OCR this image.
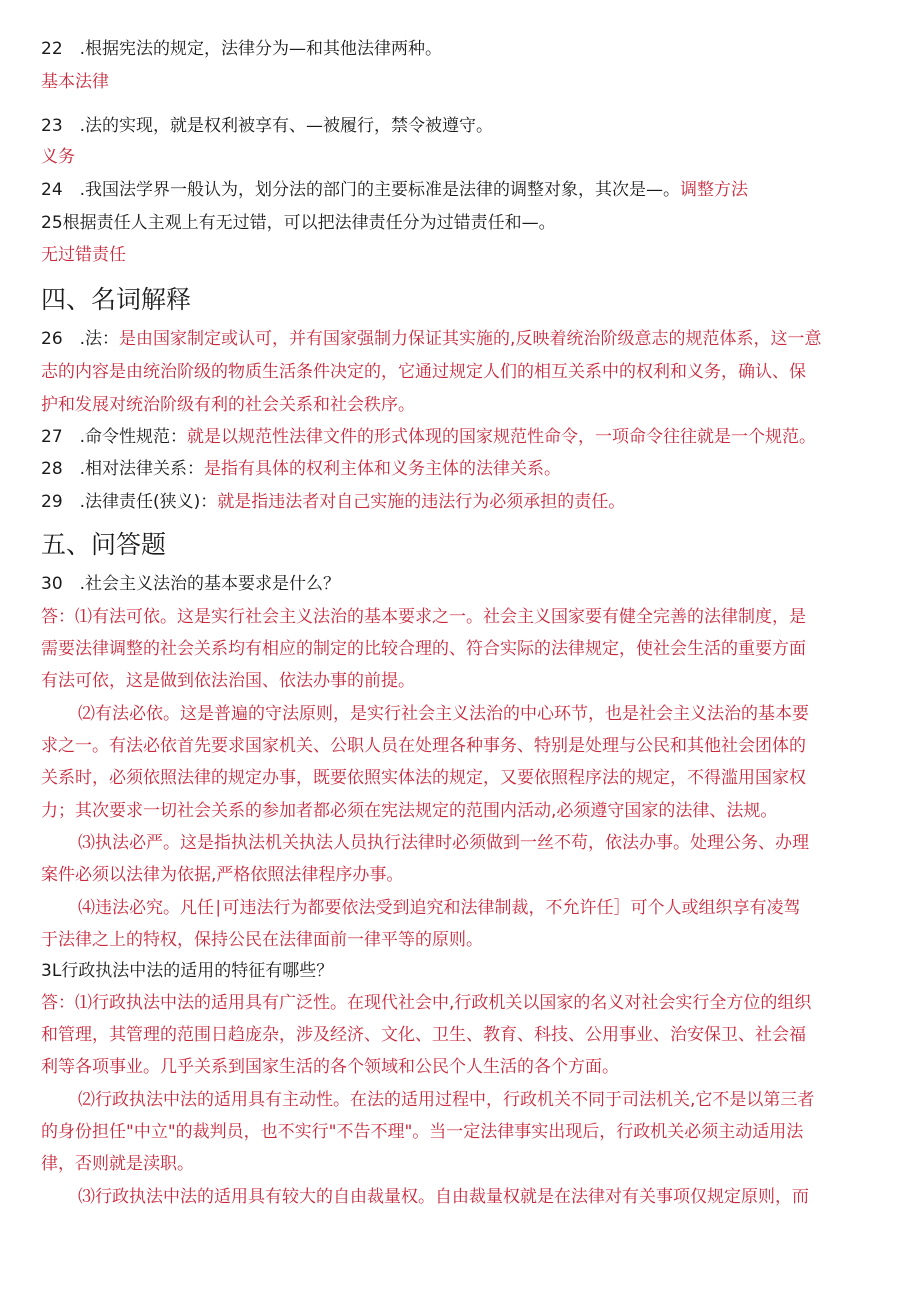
22　.根据宪法的规定，法律分为—和其他法律两种。
基本法律
23　.法的实现，就是权利被享有、—被履行，禁令被遵守。
义务
24　.我国法学界一般认为，划分法的部门的主要标准是法律的调整对象，其次是—。调整方法
25根据责任人主观上有无过错，可以把法律责任分为过错责任和—。
无过错责任
四、名词解释
26　.法：是由国家制定或认可，并有国家强制力保证其实施的,反映着统治阶级意志的规范体系，这一意
志的内容是由统治阶级的物质生活条件决定的，它通过规定人们的相互关系中的权利和义务，确认、保
护和发展对统治阶级有利的社会关系和社会秩序。
27　.命令性规范：就是以规范性法律文件的形式体现的国家规范性命令，一项命令往往就是一个规范。
28　.相对法律关系：是指有具体的权利主体和义务主体的法律关系。
29　.法律责任(狭义)：就是指违法者对自己实施的违法行为必须承担的责任。
五、问答题
30　.社会主义法治的基本要求是什么？
答：⑴有法可依。这是实行社会主义法治的基本要求之一。社会主义国家要有健全完善的法律制度，是
需要法律调整的社会关系均有相应的制定的比较合理的、符合实际的法律规定，使社会生活的重要方面
有法可依，这是做到依法治国、依法办事的前提。
⑵有法必依。这是普遍的守法原则，是实行社会主义法治的中心环节，也是社会主义法治的基本要
求之一。有法必依首先要求国家机关、公职人员在处理各种事务、特别是处理与公民和其他社会团体的
关系时，必须依照法律的规定办事，既要依照实体法的规定，又要依照程序法的规定，不得滥用国家权
力；其次要求一切社会关系的参加者都必须在宪法规定的范围内活动,必须遵守国家的法律、法规。
⑶执法必严。这是指执法机关执法人员执行法律时必须做到一丝不苟，依法办事。处理公务、办理
案件必须以法律为依据,严格依照法律程序办事。
⑷违法必究。凡任∣可违法行为都要依法受到追究和法律制裁，不允许任］可个人或组织享有凌驾
于法律之上的特权，保持公民在法律面前一律平等的原则。
3L行政执法中法的适用的特征有哪些？
答：⑴行政执法中法的适用具有广泛性。在现代社会中,行政机关以国家的名义对社会实行全方位的组织
和管理，其管理的范围日趋庞杂，涉及经济、文化、卫生、教育、科技、公用事业、治安保卫、社会福
利等各项事业。几乎关系到国家生活的各个领域和公民个人生活的各个方面。
⑵行政执法中法的适用具有主动性。在法的适用过程中，行政机关不同于司法机关,它不是以第三者
的身份担任"中立"的裁判员，也不实行"不告不理"。当一定法律事实出现后，行政机关必须主动适用法
律，否则就是渎职。
⑶行政执法中法的适用具有较大的自由裁量权。自由裁量权就是在法律对有关事项仅规定原则，而
